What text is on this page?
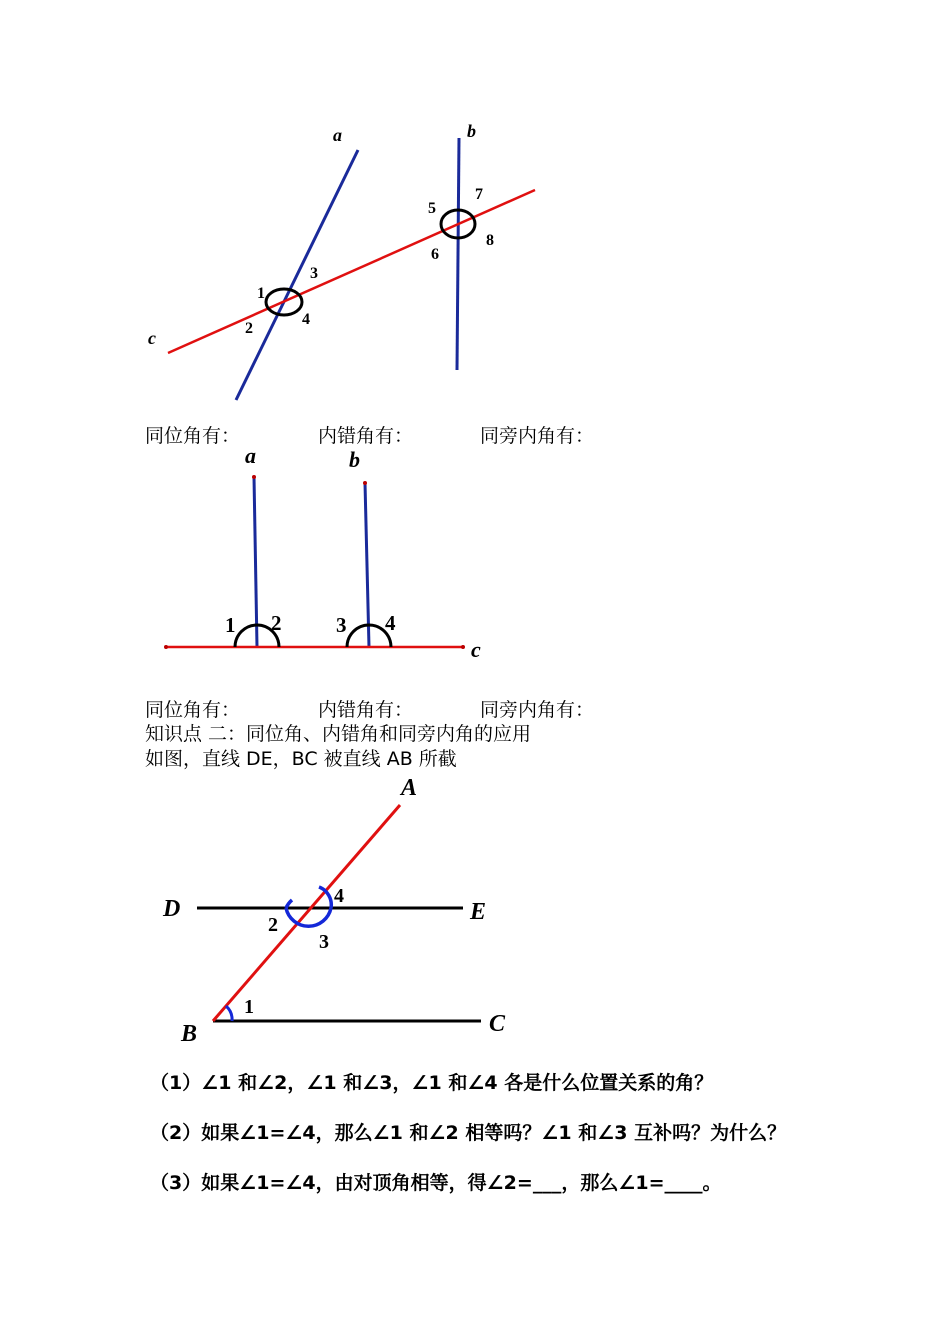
a	b
c
1
2
3
4
5
6
7
8
同位角有：	内错角有：	同旁内角有：
a	b
c
1 2	3 4
同位角有：	内错角有：	同旁内角有：

知识点 二：同位角、内错角和同旁内角的应用

如图，直线 DE，BC 被直线 AB 所截

A
D	E
B	C
1
2
3
4
（1）∠1 和∠2，∠1 和∠3，∠1 和∠4 各是什么位置关系的角？
（2）如果∠1=∠4，那么∠1 和∠2 相等吗？∠1 和∠3 互补吗？为什么？
（3）如果∠1=∠4，由对顶角相等，得∠2=___，那么∠1=____。
